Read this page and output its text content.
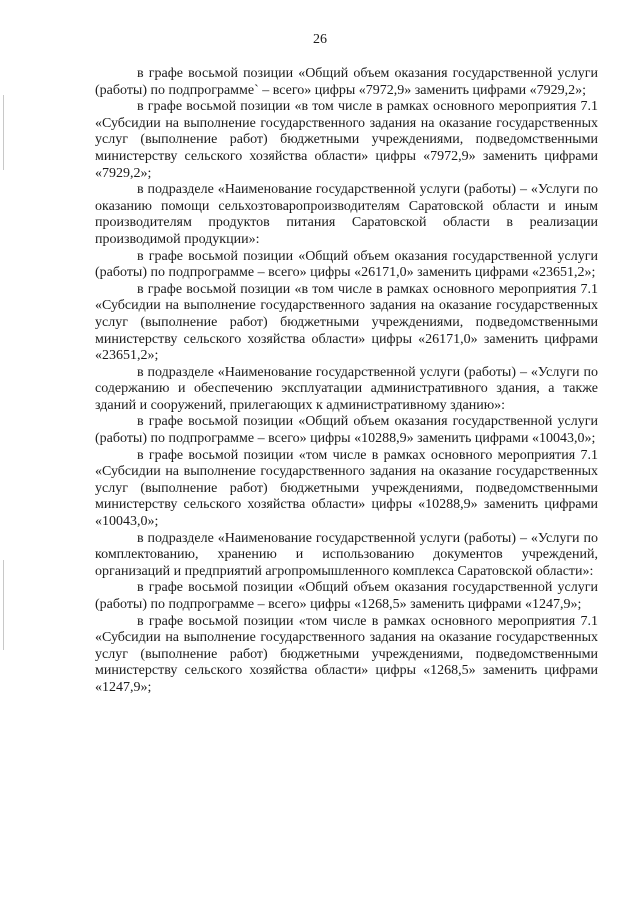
26

в графе восьмой позиции «Общий объем оказания государственной услуги (работы) по подпрограмме` – всего» цифры «7972,9» заменить цифрами «7929,2»;

в графе восьмой позиции «в том числе в рамках основного мероприятия 7.1 «Субсидии на выполнение государственного задания на оказание государственных услуг (выполнение работ) бюджетными учреждениями, подведомственными министерству сельского хозяйства области» цифры «7972,9» заменить цифрами «7929,2»;

в подразделе «Наименование государственной услуги (работы) – «Услуги по оказанию помощи сельхозтоваропроизводителям Саратовской области и иным производителям продуктов питания Саратовской области в реализации производимой продукции»:

в графе восьмой позиции «Общий объем оказания государственной услуги (работы) по подпрограмме – всего» цифры «26171,0» заменить цифрами «23651,2»;

в графе восьмой позиции «в том числе в рамках основного мероприятия 7.1 «Субсидии на выполнение государственного задания на оказание государственных услуг (выполнение работ) бюджетными учреждениями, подведомственными министерству сельского хозяйства области» цифры «26171,0» заменить цифрами «23651,2»;

в подразделе «Наименование государственной услуги (работы) – «Услуги по содержанию и обеспечению эксплуатации административного здания, а также зданий и сооружений, прилегающих к административному зданию»:

в графе восьмой позиции «Общий объем оказания государственной услуги (работы) по подпрограмме – всего» цифры «10288,9» заменить цифрами «10043,0»;

в графе восьмой позиции «том числе в рамках основного мероприятия 7.1 «Субсидии на выполнение государственного задания на оказание государственных услуг (выполнение работ) бюджетными учреждениями, подведомственными министерству сельского хозяйства области» цифры «10288,9» заменить цифрами «10043,0»;

в подразделе «Наименование государственной услуги (работы) – «Услуги по комплектованию, хранению и использованию документов учреждений, организаций и предприятий агропромышленного комплекса Саратовской области»:

в графе восьмой позиции «Общий объем оказания государственной услуги (работы) по подпрограмме – всего» цифры «1268,5» заменить цифрами «1247,9»;

в графе восьмой позиции «том числе в рамках основного мероприятия 7.1 «Субсидии на выполнение государственного задания на оказание государственных услуг (выполнение работ) бюджетными учреждениями, подведомственными министерству сельского хозяйства области» цифры «1268,5» заменить цифрами «1247,9»;
